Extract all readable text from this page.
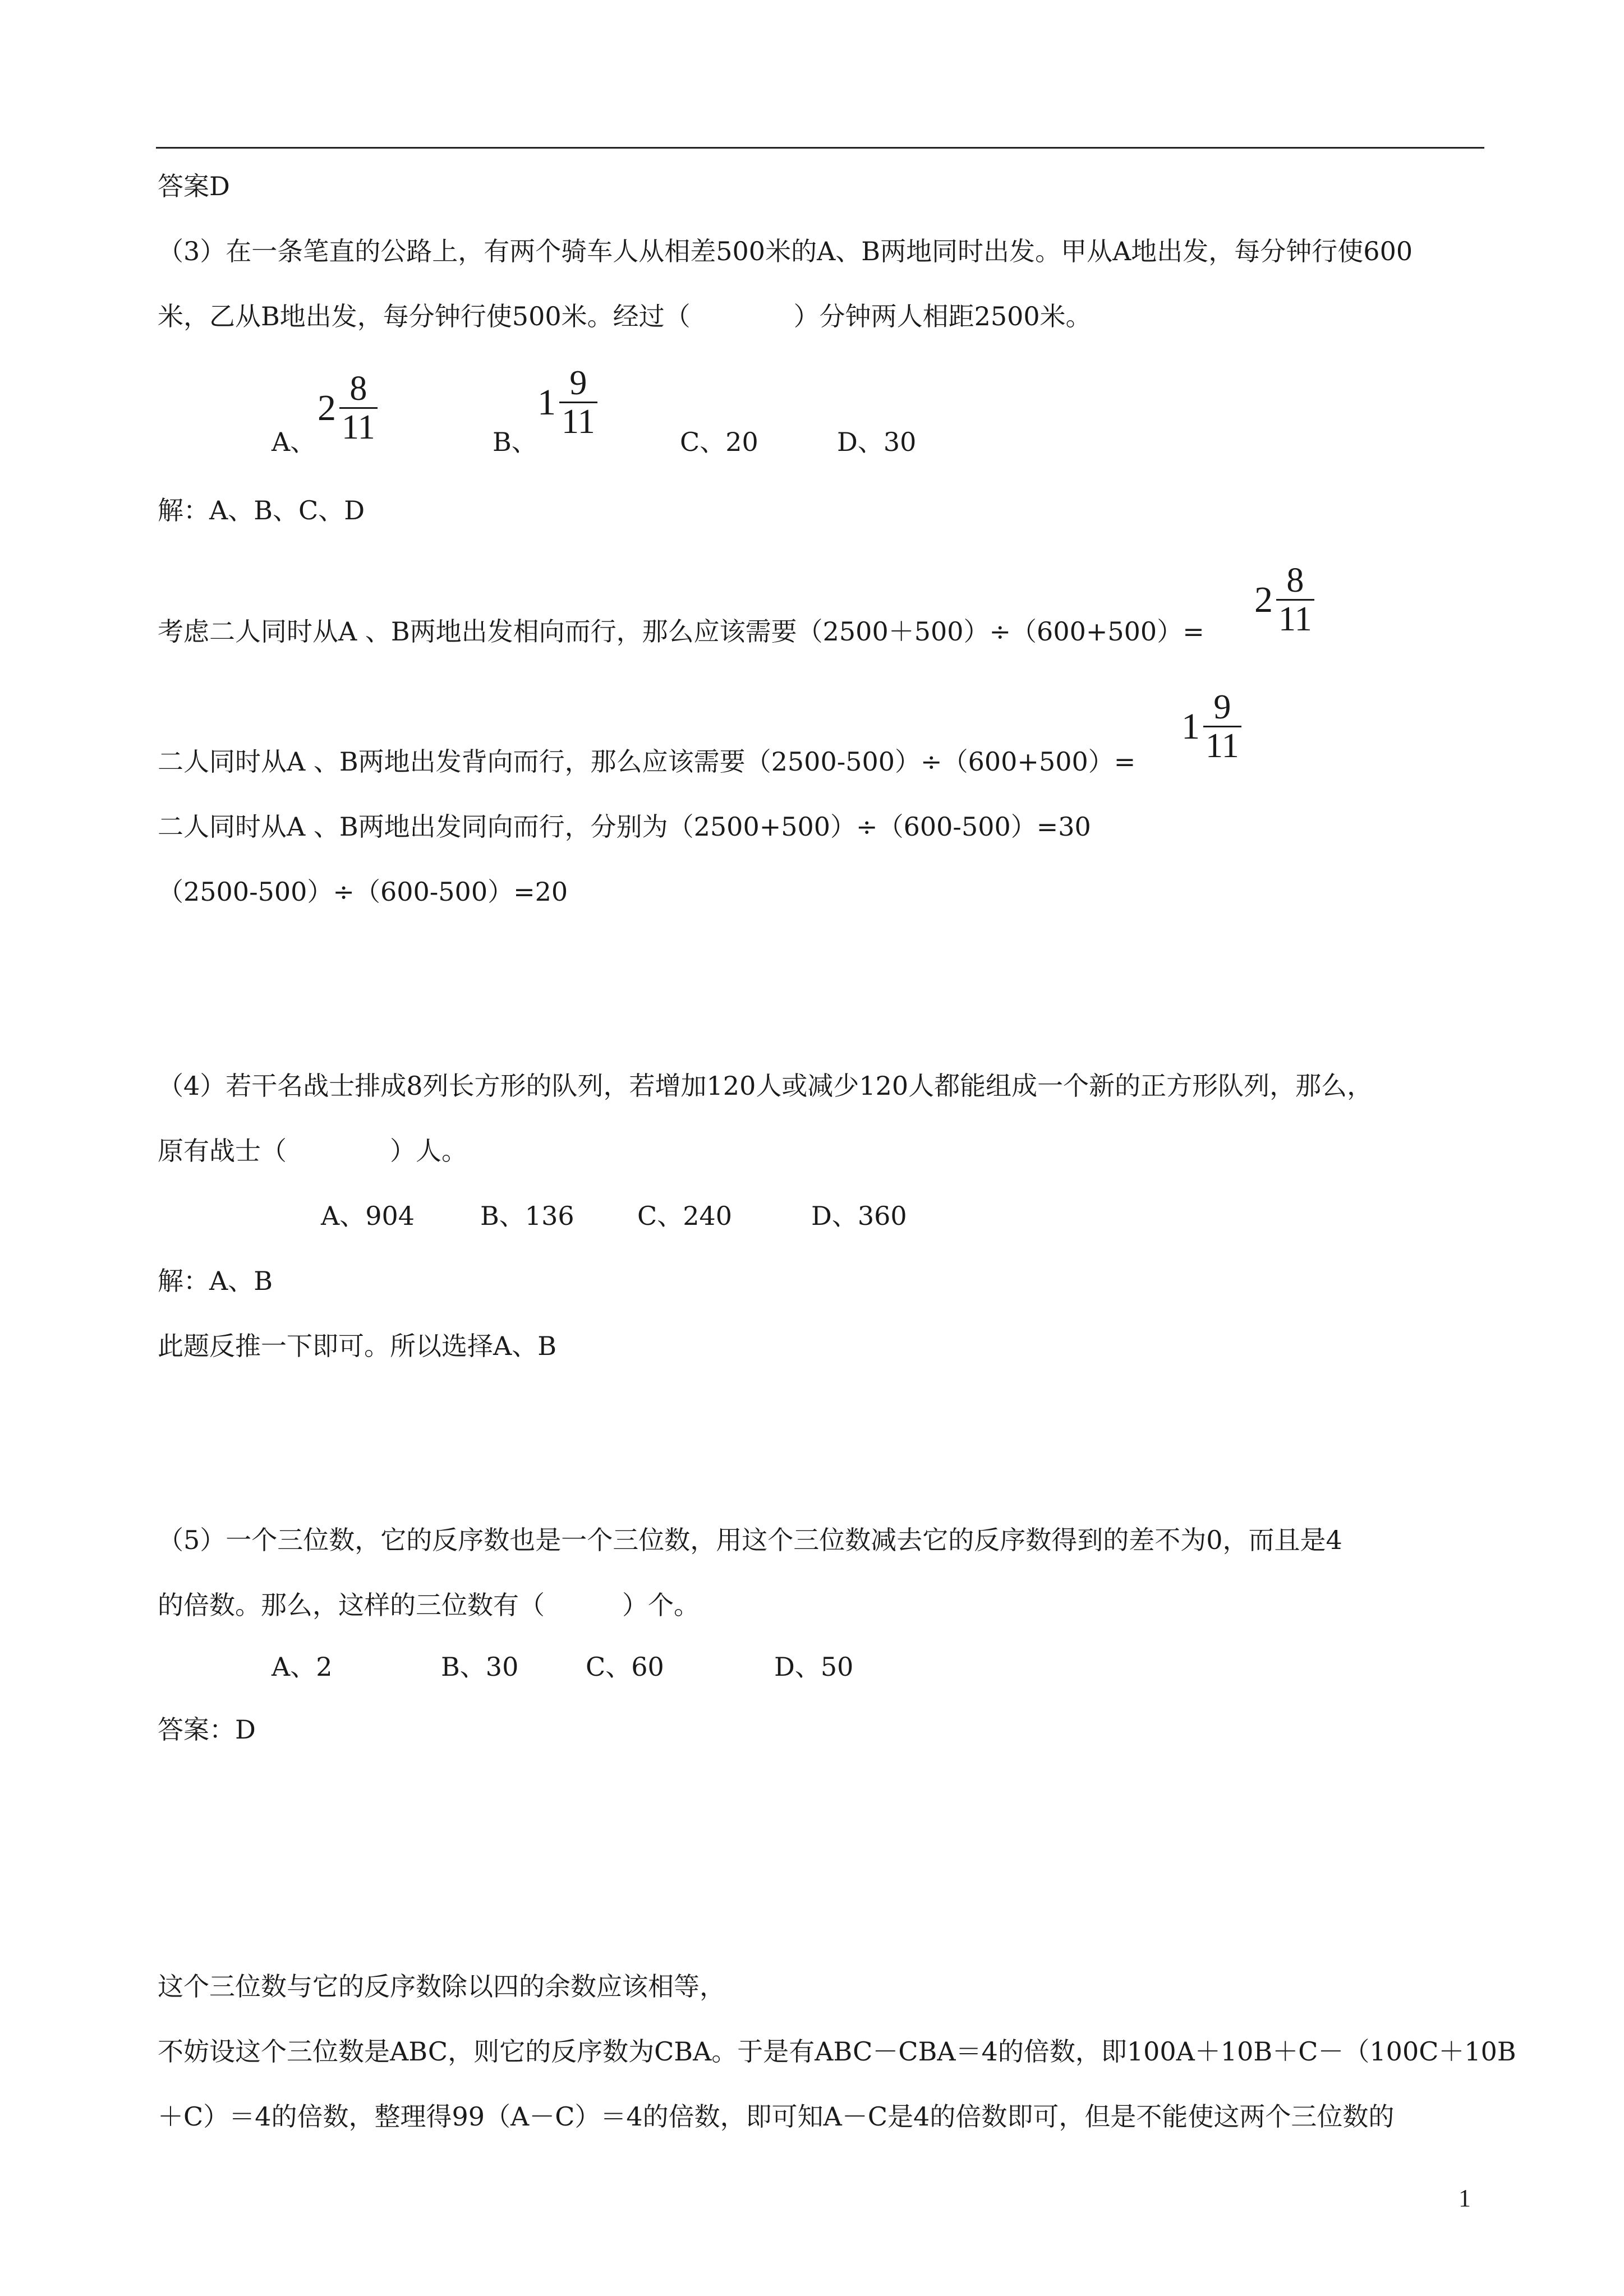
答案D
（3）在一条笔直的公路上，有两个骑车人从相差500米的A、B两地同时出发。甲从A地出发，每分钟行使600
米，乙从B地出发，每分钟行使500米。经过（　　　　）分钟两人相距2500米。
A、
$2 \frac{8}{11}$	B、
$1 \frac{9}{11}$
C、20	D、30
解：A、B、C、D
考虑二人同时从A 、B两地出发相向而行，那么应该需要（2500＋500）÷（600+500）=
$2 \frac{8}{11}$
二人同时从A 、B两地出发背向而行，那么应该需要（2500-500）÷（600+500）=
$1 \frac{9}{11}$
二人同时从A 、B两地出发同向而行，分别为（2500+500）÷（600-500）=30
（2500-500）÷（600-500）=20
（4）若干名战士排成8列长方形的队列，若增加120人或减少120人都能组成一个新的正方形队列，那么，
原有战士（　　　　）人。
A、904	B、136 C、240	D、360
解：A、B
此题反推一下即可。所以选择A、B
（5）一个三位数，它的反序数也是一个三位数，用这个三位数减去它的反序数得到的差不为0，而且是4
的倍数。那么，这样的三位数有（　　　）个。
A、2	B、30	C、60	D、50
答案：D
这个三位数与它的反序数除以四的余数应该相等，
不妨设这个三位数是ABC，则它的反序数为CBA。于是有ABC－CBA＝4的倍数，即100A＋10B＋C－（100C＋10B
＋C）＝4的倍数，整理得99（A－C）＝4的倍数，即可知A－C是4的倍数即可，但是不能使这两个三位数的
1
